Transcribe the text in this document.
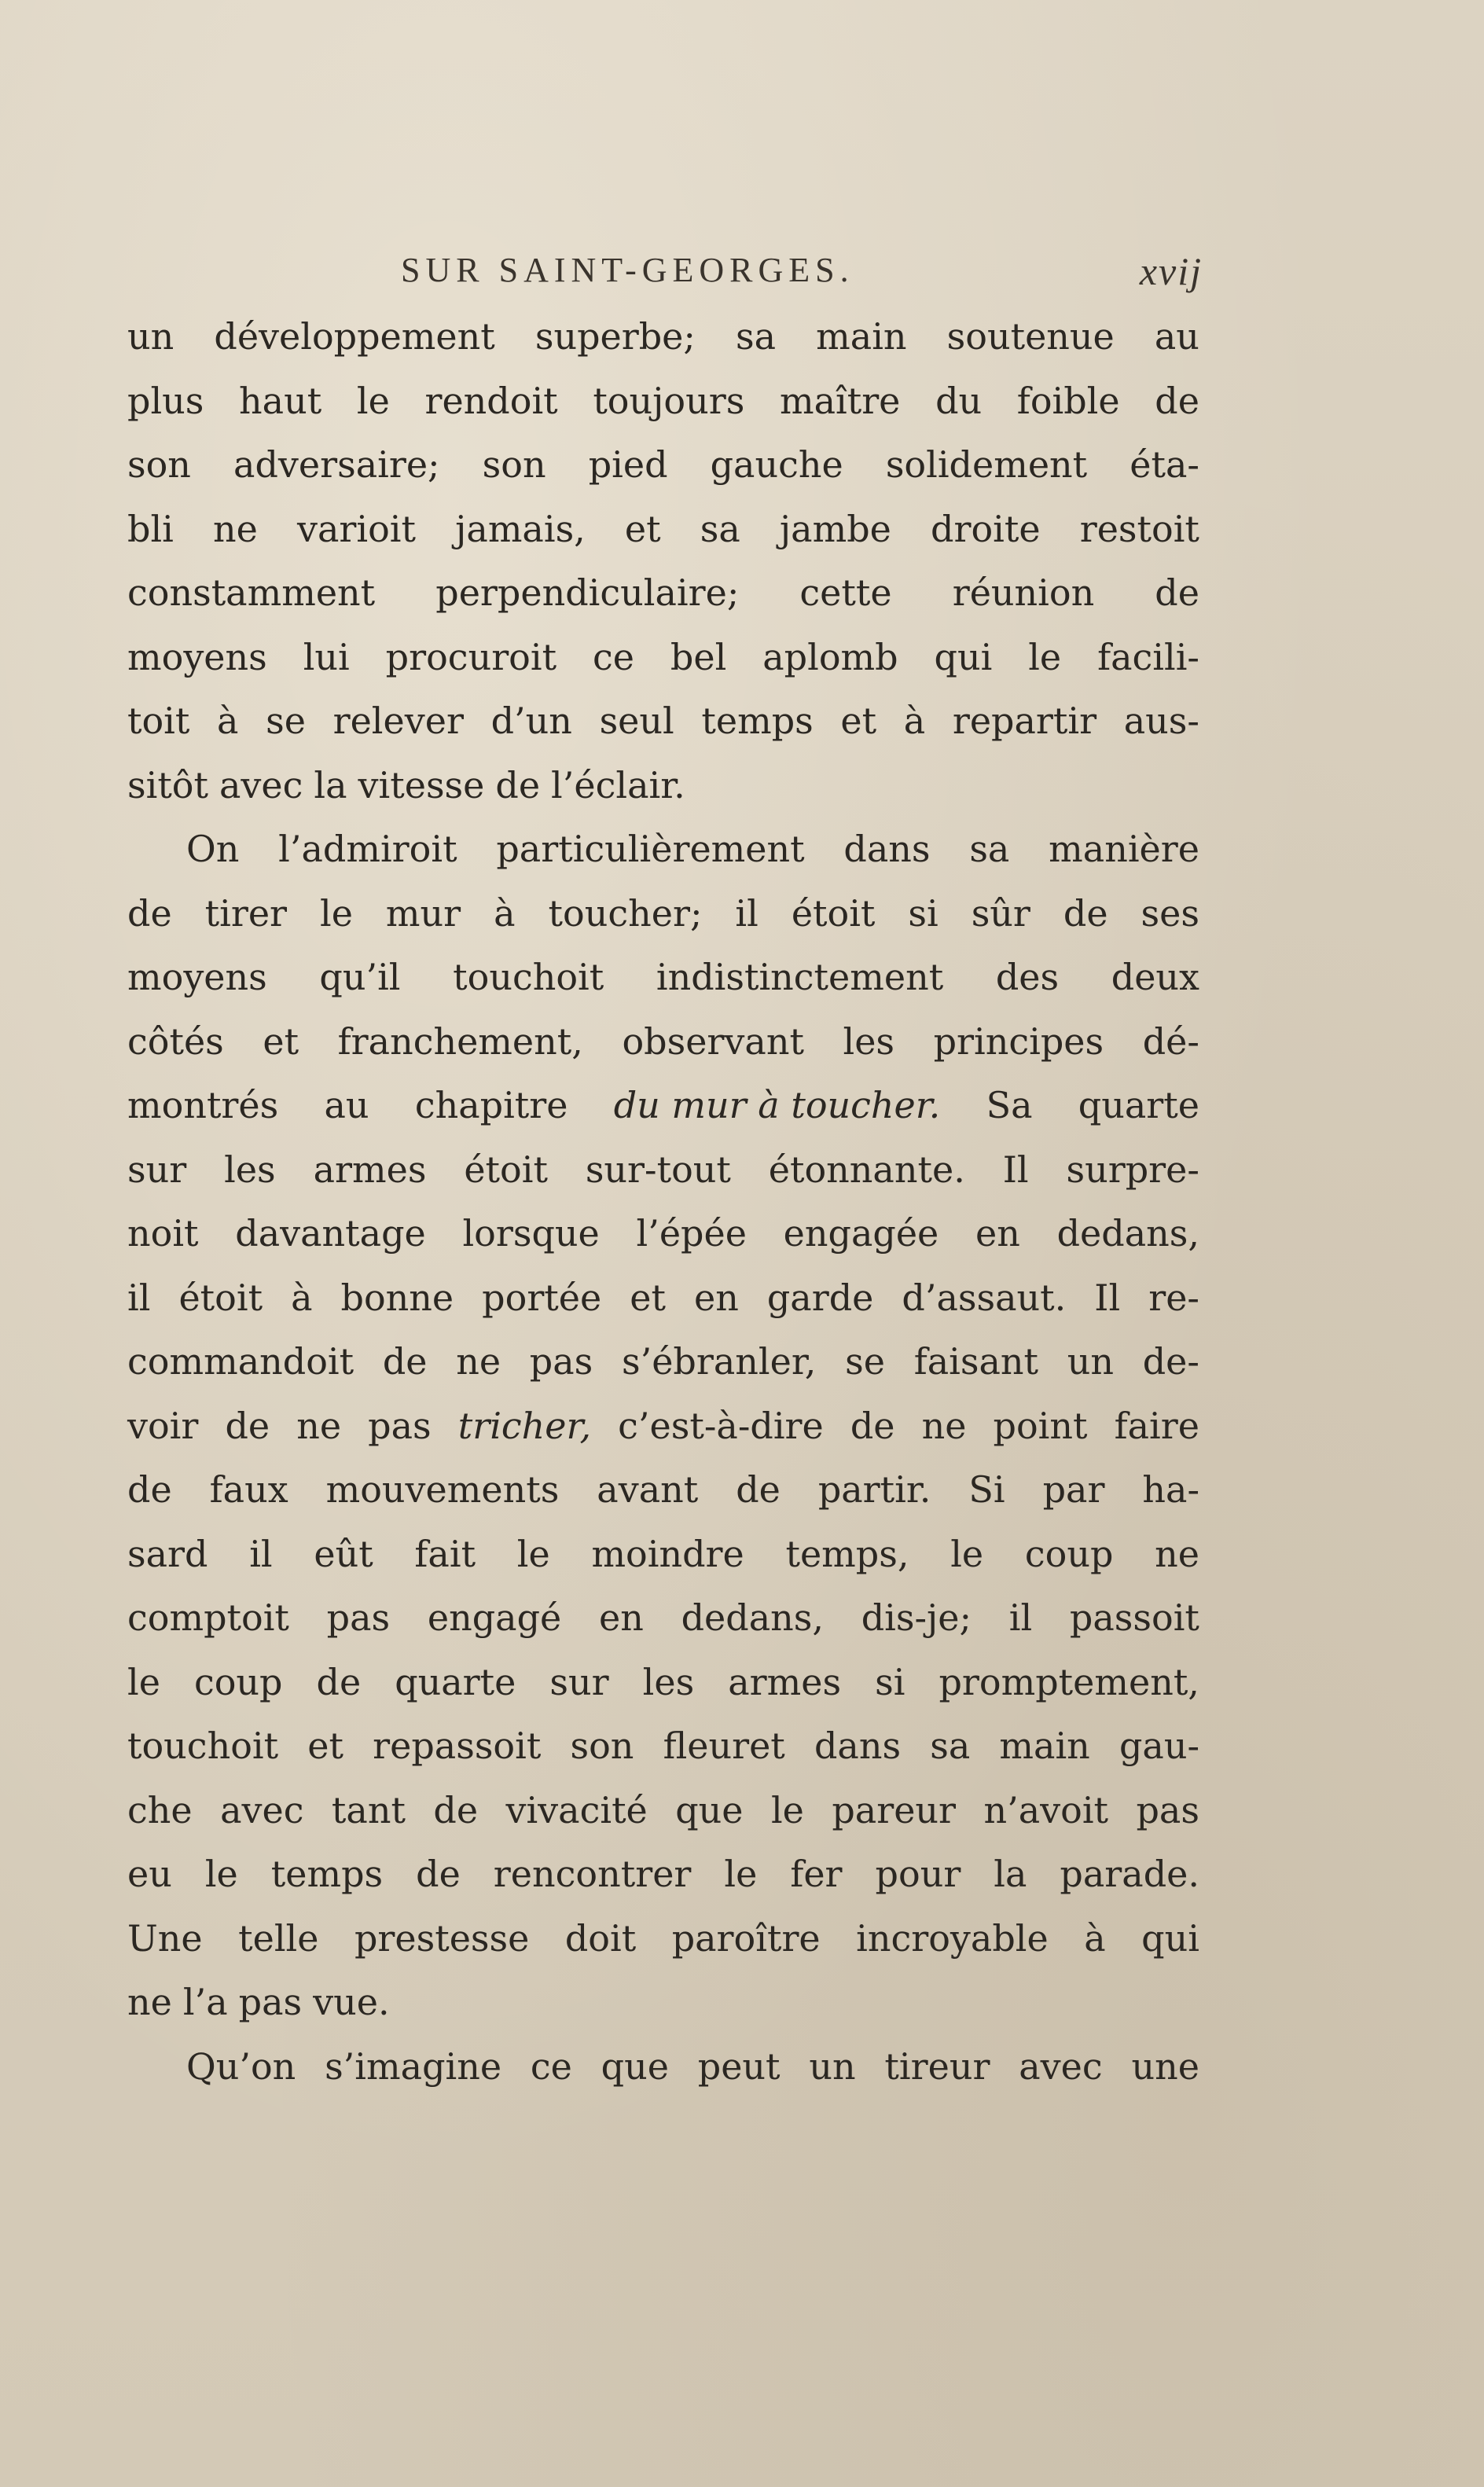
SUR SAINT-GEORGES.	xvij
un développement superbe; sa main soutenue au
plus haut le rendoit toujours maître du foible de
son adversaire; son pied gauche solidement éta-
bli ne varioit jamais, et sa jambe droite restoit
constamment perpendiculaire; cette réunion de
moyens lui procuroit ce bel aplomb qui le facili-
toit à se relever d’un seul temps et à repartir aus-
sitôt avec la vitesse de l’éclair.
On l’admiroit particulièrement dans sa manière
de tirer le mur à toucher; il étoit si sûr de ses
moyens qu’il touchoit indistinctement des deux
côtés et franchement, observant les principes dé-
montrés au chapitre du mur à toucher. Sa quarte
sur les armes étoit sur-tout étonnante. Il surpre-
noit davantage lorsque l’épée engagée en dedans,
il étoit à bonne portée et en garde d’assaut. Il re-
commandoit de ne pas s’ébranler, se faisant un de-
voir de ne pas tricher, c’est-à-dire de ne point faire
de faux mouvements avant de partir. Si par ha-
sard il eût fait le moindre temps, le coup ne
comptoit pas engagé en dedans, dis-je; il passoit
le coup de quarte sur les armes si promptement,
touchoit et repassoit son fleuret dans sa main gau-
che avec tant de vivacité que le pareur n’avoit pas
eu le temps de rencontrer le fer pour la parade.
Une telle prestesse doit paroître incroyable à qui
ne l’a pas vue.
Qu’on s’imagine ce que peut un tireur avec une
